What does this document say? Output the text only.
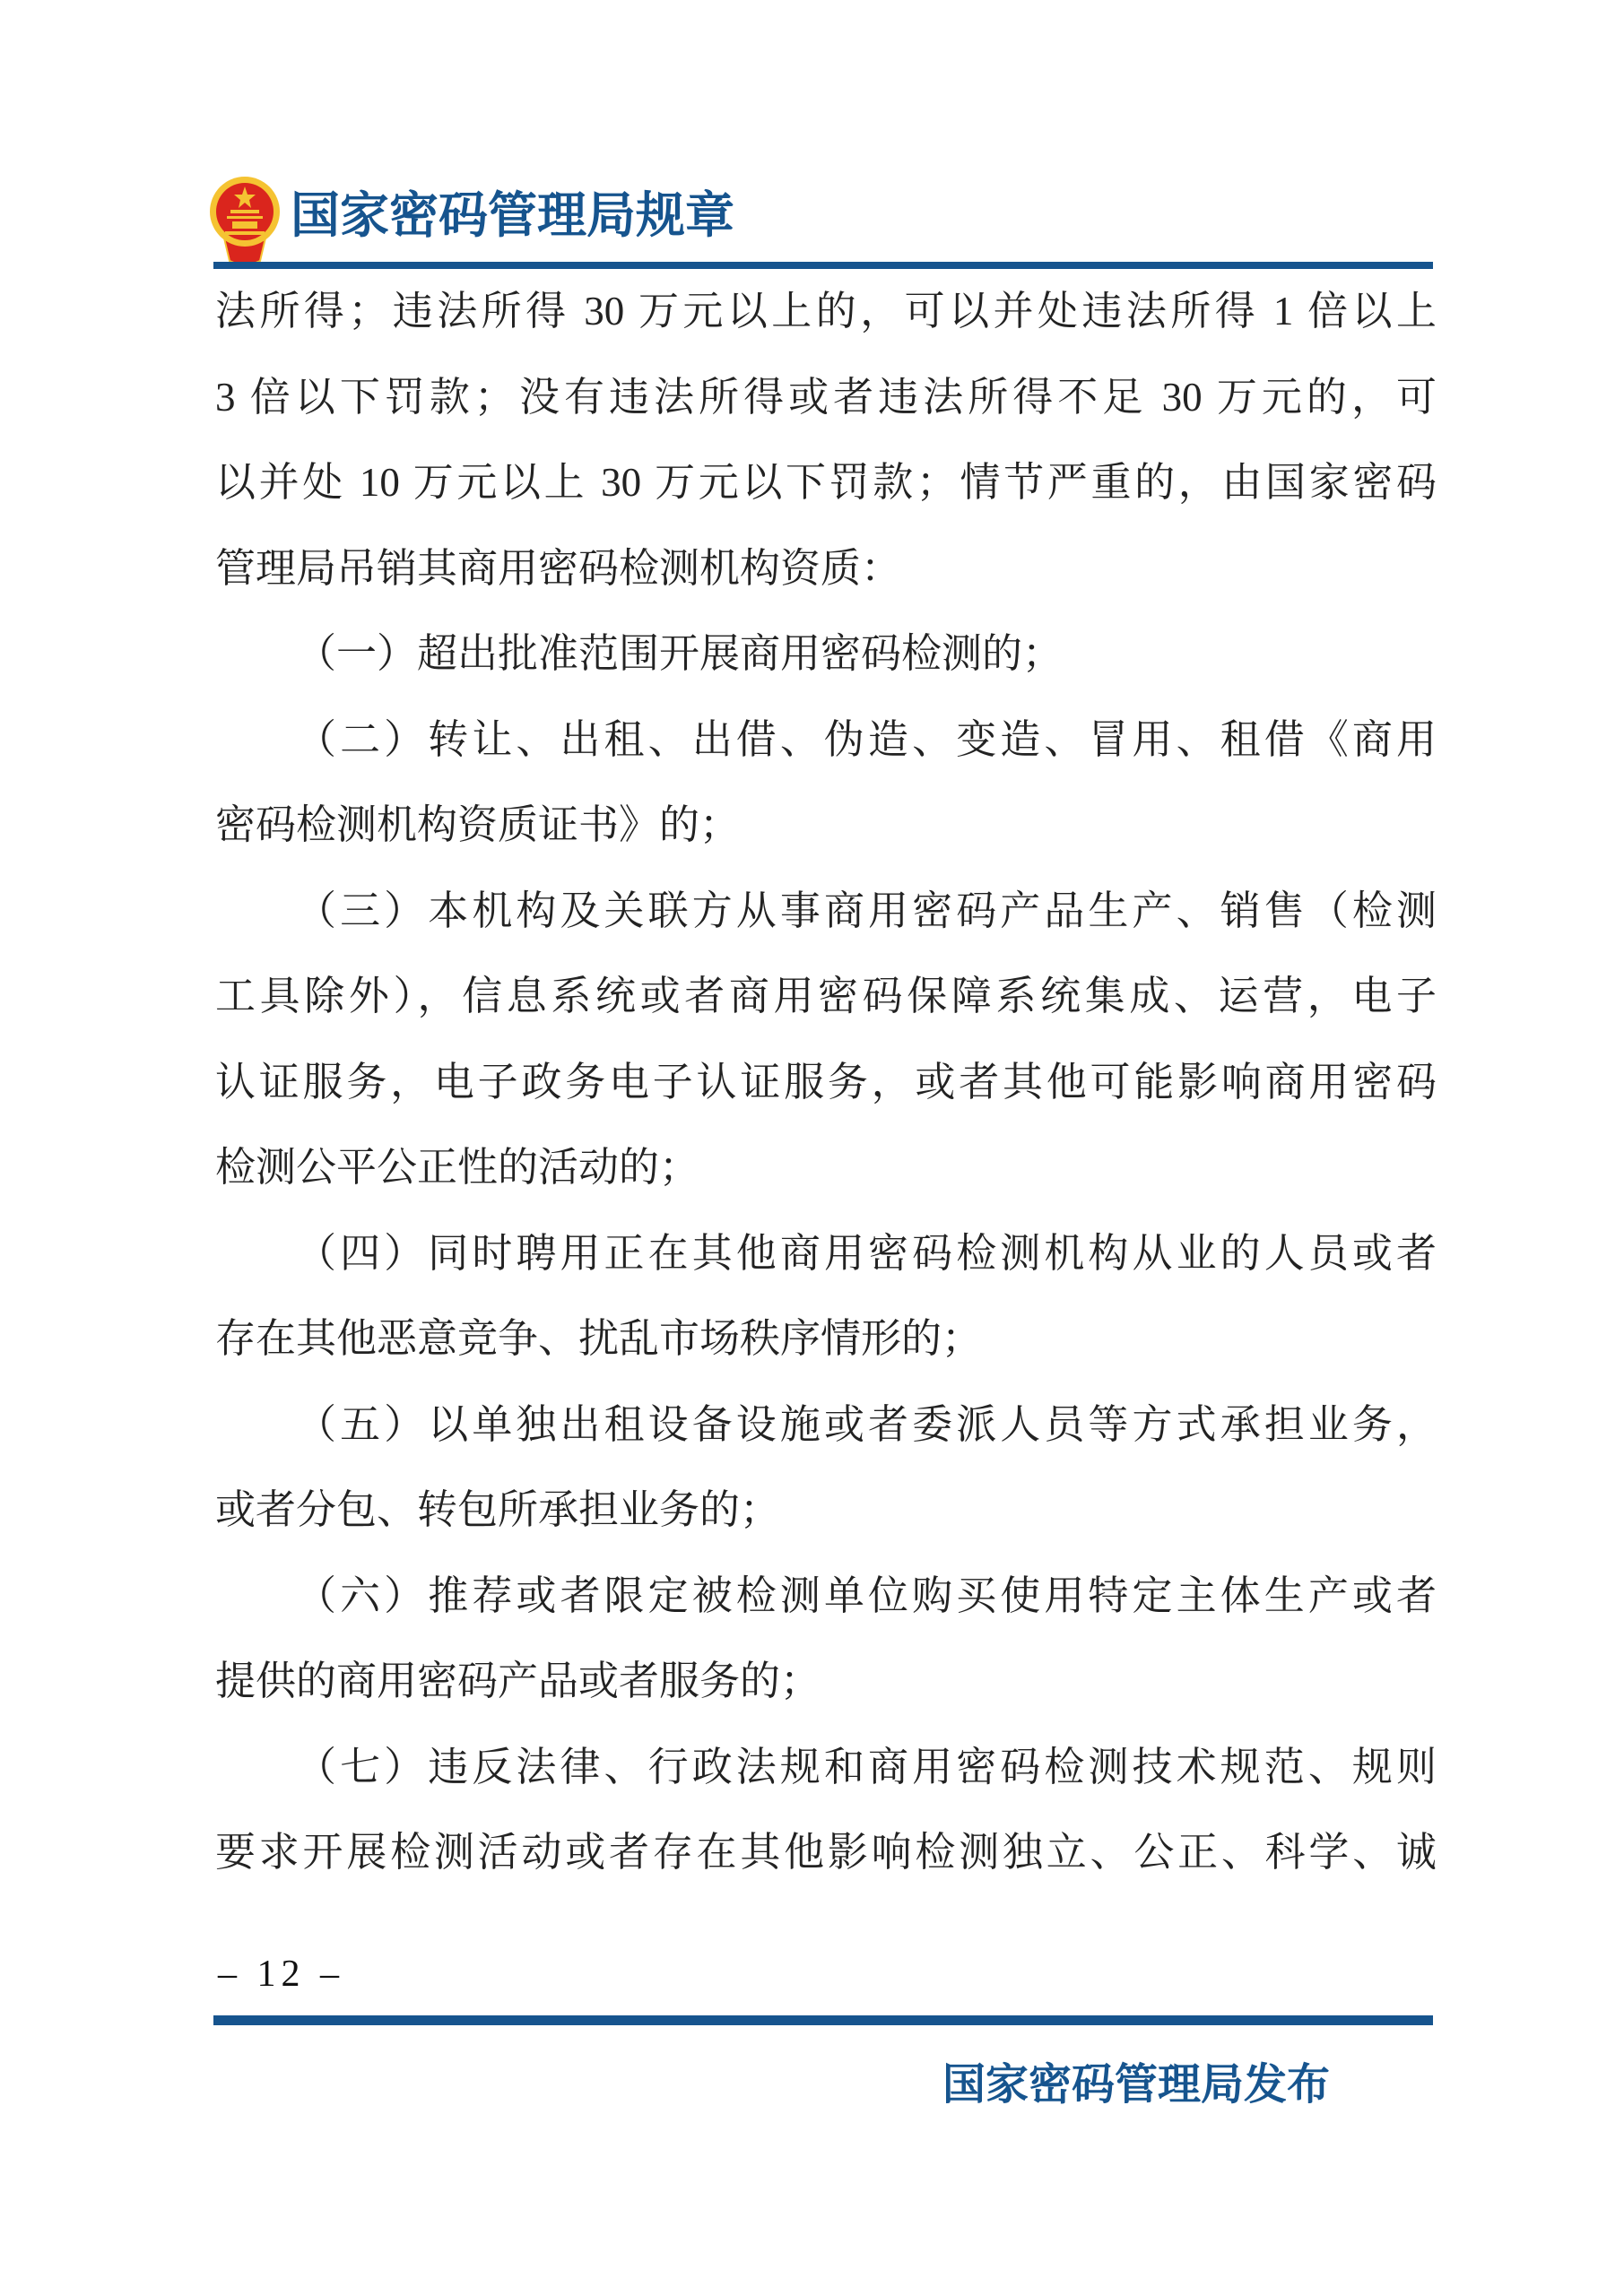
国家密码管理局规章
法所得；违法所得 30 万元以上的，可以并处违法所得 1 倍以上
3 倍以下罚款；没有违法所得或者违法所得不足 30 万元的，可
以并处 10 万元以上 30 万元以下罚款；情节严重的，由国家密码
管理局吊销其商用密码检测机构资质：
（一）超出批准范围开展商用密码检测的；
（二）转让、出租、出借、伪造、变造、冒用、租借《商用
密码检测机构资质证书》的；
（三）本机构及关联方从事商用密码产品生产、销售（检测
工具除外），信息系统或者商用密码保障系统集成、运营，电子
认证服务，电子政务电子认证服务，或者其他可能影响商用密码
检测公平公正性的活动的；
（四）同时聘用正在其他商用密码检测机构从业的人员或者
存在其他恶意竞争、扰乱市场秩序情形的；
（五）以单独出租设备设施或者委派人员等方式承担业务，
或者分包、转包所承担业务的；
（六）推荐或者限定被检测单位购买使用特定主体生产或者
提供的商用密码产品或者服务的；
（七）违反法律、行政法规和商用密码检测技术规范、规则
要求开展检测活动或者存在其他影响检测独立、公正、科学、诚
– 12 –
国家密码管理局发布
